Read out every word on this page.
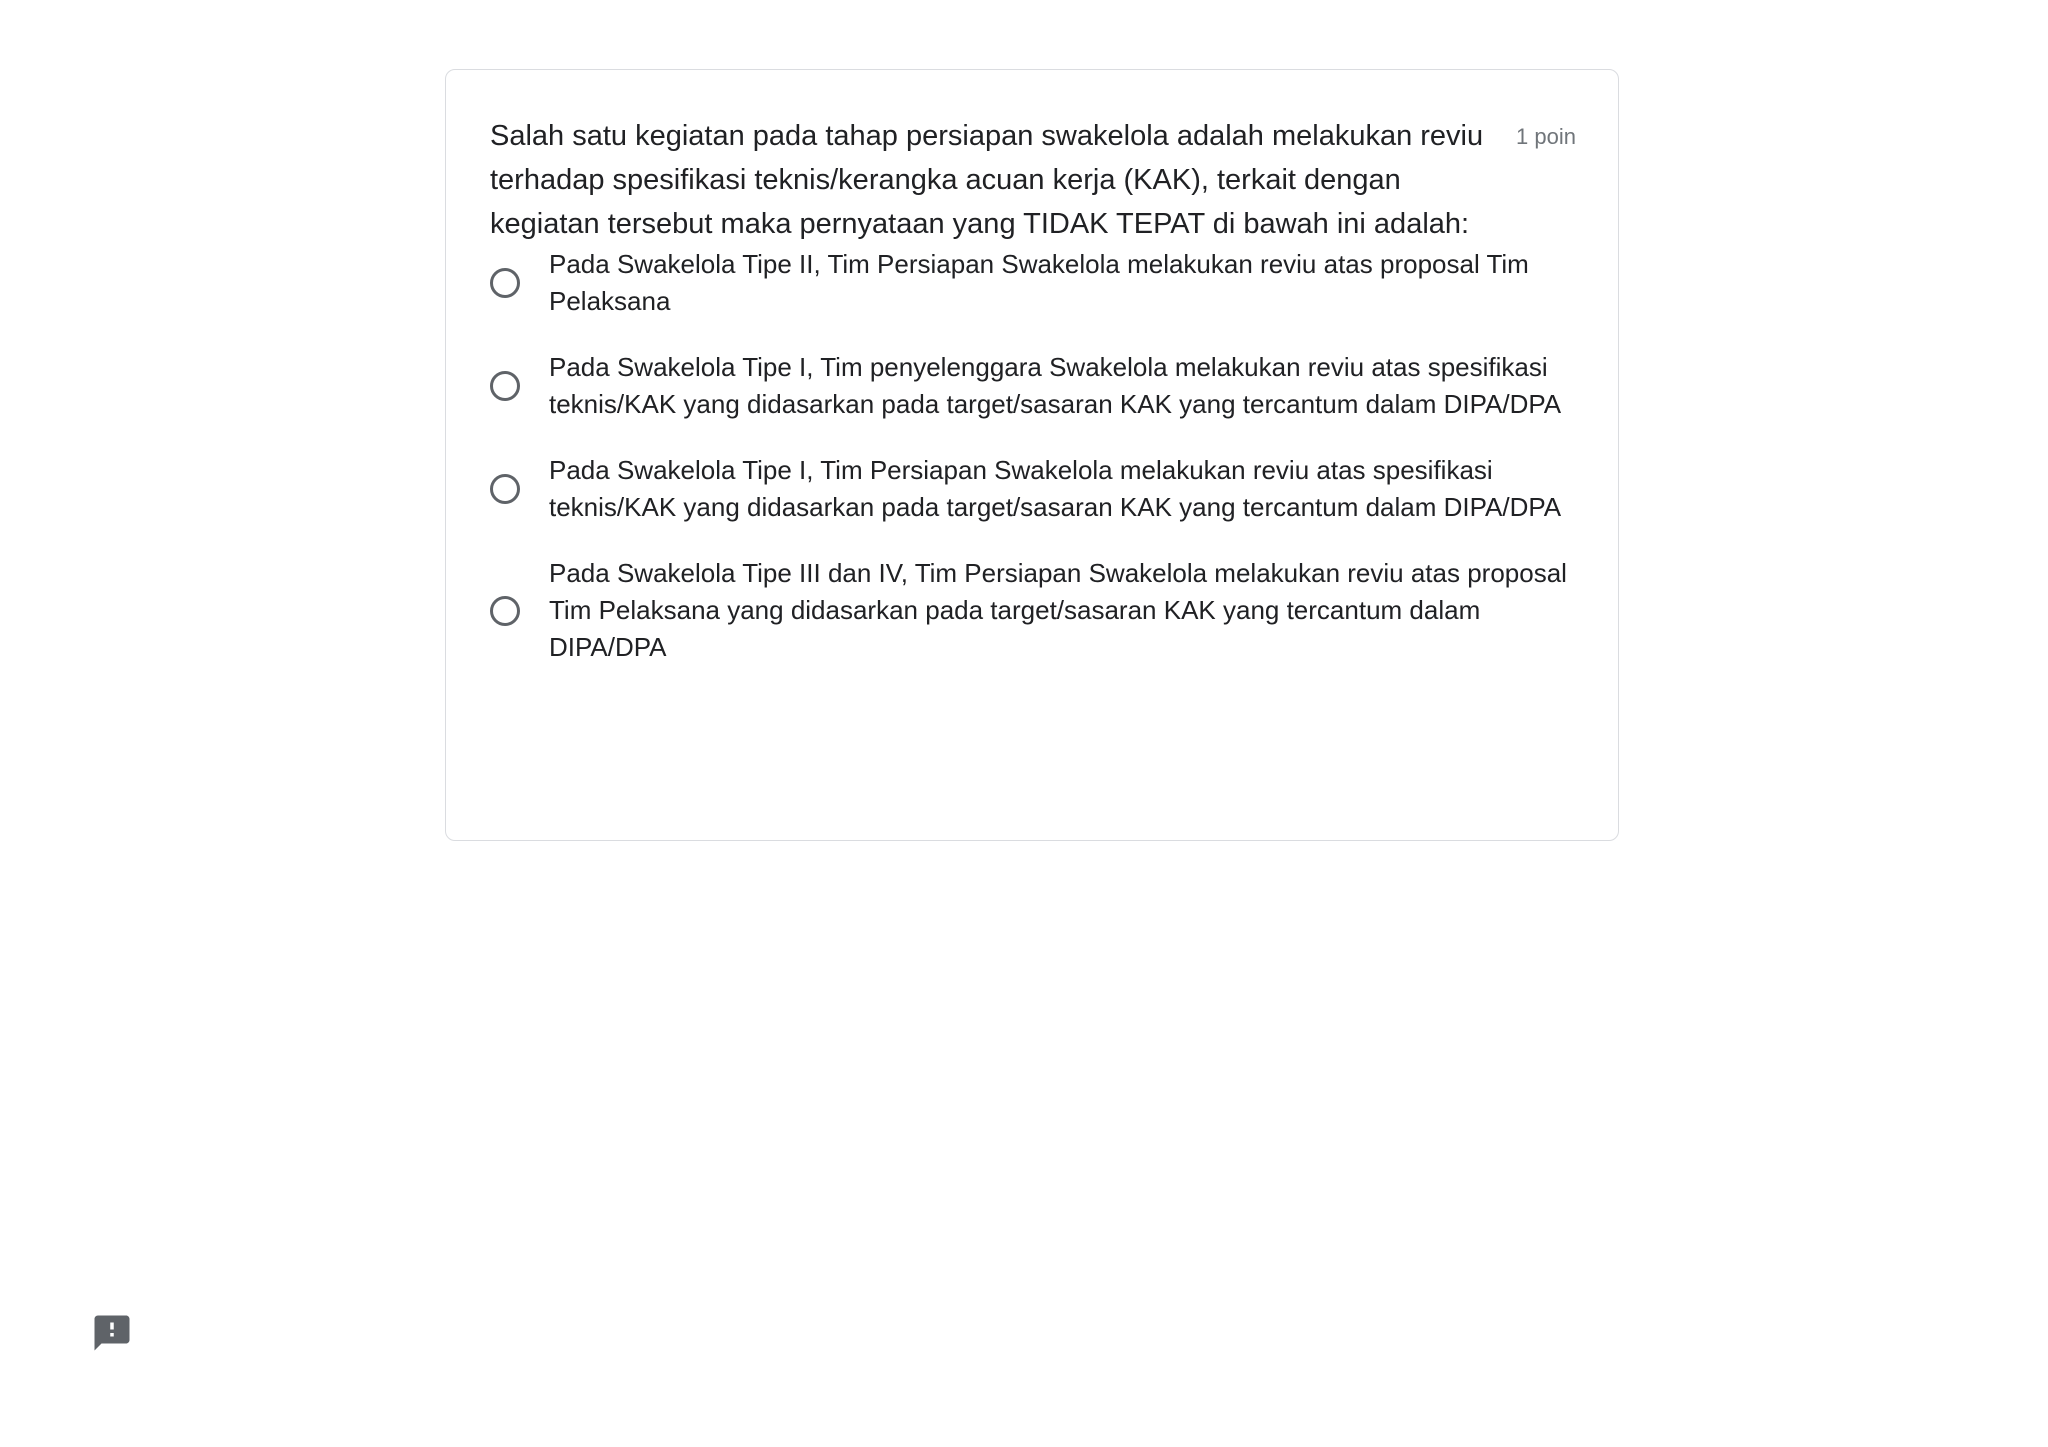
Salah satu kegiatan pada tahap persiapan swakelola adalah melakukan reviu terhadap spesifikasi teknis/kerangka acuan kerja (KAK), terkait dengan kegiatan tersebut maka pernyataan yang TIDAK TEPAT di bawah ini adalah:
1 poin
Pada Swakelola Tipe II, Tim Persiapan Swakelola melakukan reviu atas proposal Tim Pelaksana
Pada Swakelola Tipe I, Tim penyelenggara Swakelola melakukan reviu atas spesifikasi teknis/KAK yang didasarkan pada target/sasaran KAK yang tercantum dalam DIPA/DPA
Pada Swakelola Tipe I, Tim Persiapan Swakelola melakukan reviu atas spesifikasi teknis/KAK yang didasarkan pada target/sasaran KAK yang tercantum dalam DIPA/DPA
Pada Swakelola Tipe III dan IV, Tim Persiapan Swakelola melakukan reviu atas proposal Tim Pelaksana yang didasarkan pada target/sasaran KAK yang tercantum dalam DIPA/DPA
